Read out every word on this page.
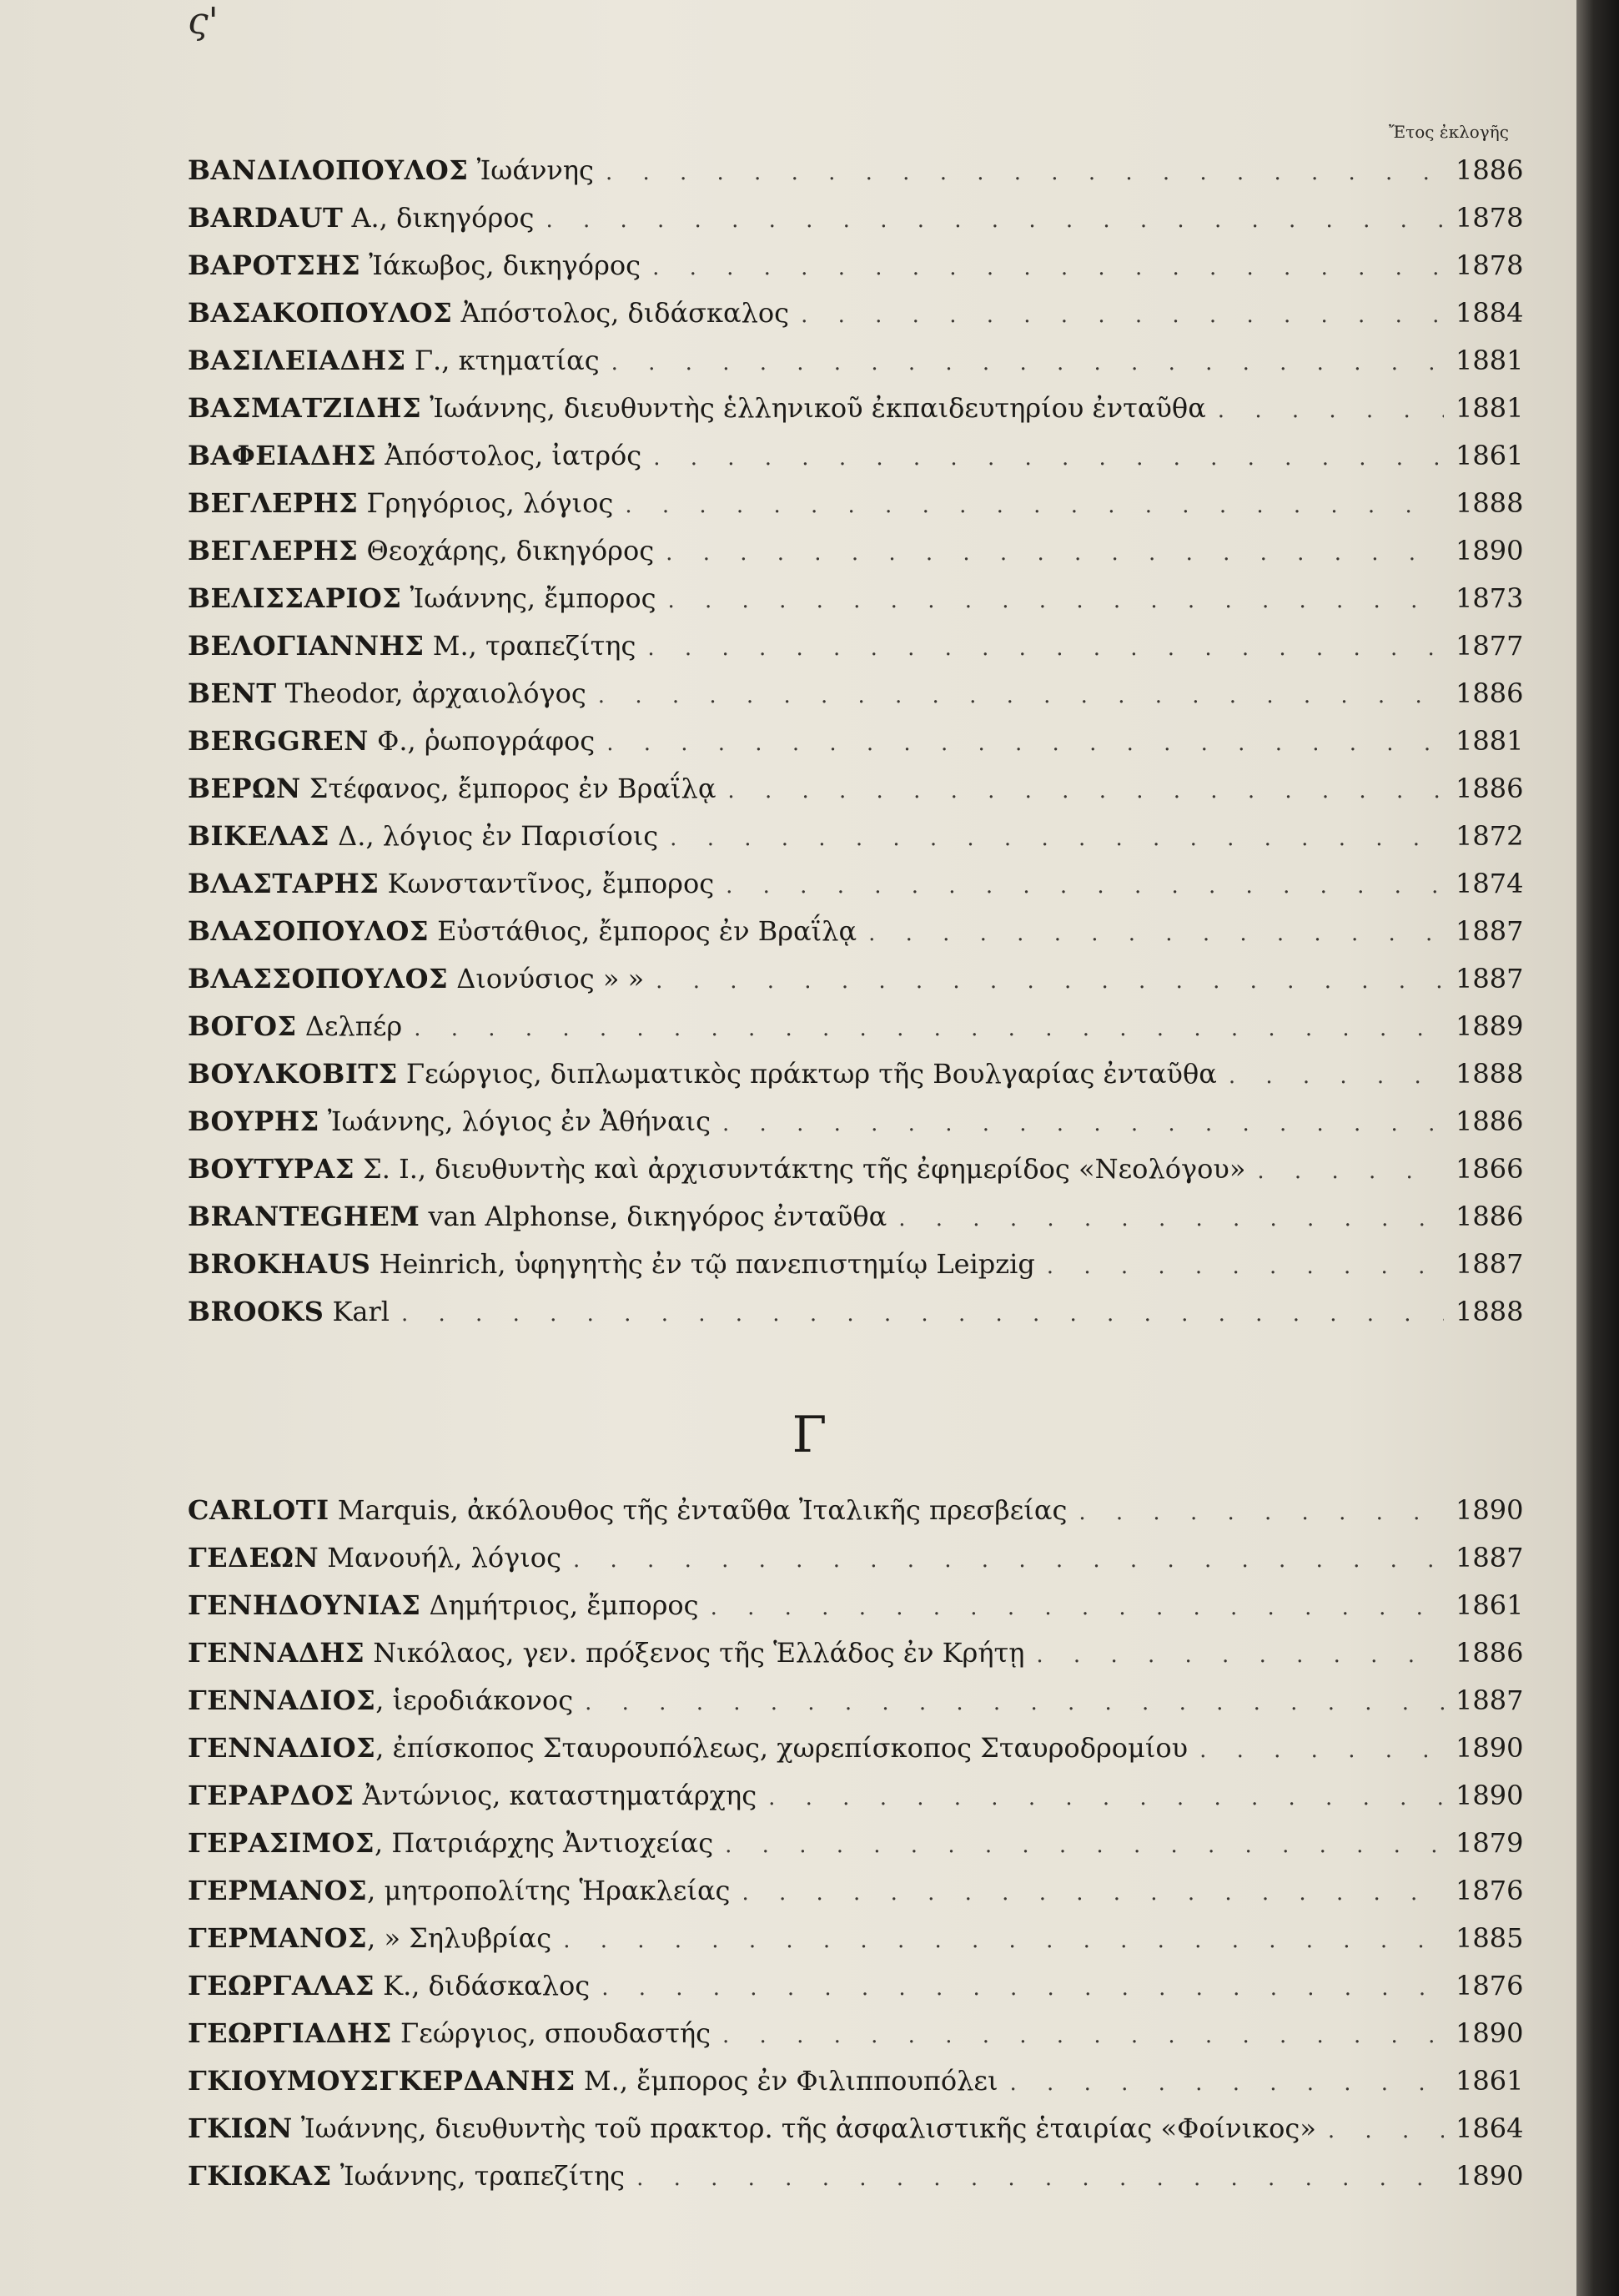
ς'
Ἔτος ἐκλογῆς
ΒΑΝΔΙΛΟΠΟΥΛΟΣ Ἰωάννης . . .	1886
BARDAUT A., δικηγόρος . . .	1878
ΒΑΡΟΤΣΗΣ Ἰάκωβος, δικηγόρος . . .	1878
ΒΑΣΑΚΟΠΟΥΛΟΣ Ἀπόστολος, διδάσκαλος . . .	1884
ΒΑΣΙΛΕΙΑΔΗΣ Γ., κτηματίας . . .	1881
ΒΑΣΜΑΤΖΙΔΗΣ Ἰωάννης, διευθυντὴς ἑλληνικοῦ ἐκπαιδευτηρίου ἐνταῦθα . . .	1881
ΒΑΦΕΙΑΔΗΣ Ἀπόστολος, ἰατρός . . .	1861
ΒΕΓΛΕΡΗΣ Γρηγόριος, λόγιος . . .	1888
ΒΕΓΛΕΡΗΣ Θεοχάρης, δικηγόρος . . .	1890
ΒΕΛΙΣΣΑΡΙΟΣ Ἰωάννης, ἔμπορος . . .	1873
ΒΕΛΟΓΙΑΝΝΗΣ Μ., τραπεζίτης . . .	1877
BENT Theodor, ἀρχαιολόγος . . .	1886
BERGGREN Φ., ῥωπογράφος . . .	1881
ΒΕΡΩΝ Στέφανος, ἔμπορος ἐν Βραΐλᾳ . . .	1886
ΒΙΚΕΛΑΣ Δ., λόγιος ἐν Παρισίοις . . .	1872
ΒΛΑΣΤΑΡΗΣ Κωνσταντῖνος, ἔμπορος . . .	1874
ΒΛΑΣΟΠΟΥΛΟΣ Εὐστάθιος, ἔμπορος ἐν Βραΐλᾳ . . .	1887
ΒΛΑΣΣΟΠΟΥΛΟΣ Διονύσιος » » . . .	1887
ΒΟΓΟΣ Δελπέρ . . .	1889
ΒΟΥΛΚΟΒΙΤΣ Γεώργιος, διπλωματικὸς πράκτωρ τῆς Βουλγαρίας ἐνταῦθα . . .	1888
ΒΟΥΡΗΣ Ἰωάννης, λόγιος ἐν Ἀθήναις . . .	1886
ΒΟΥΤΥΡΑΣ Σ. Ι., διευθυντὴς καὶ ἀρχισυντάκτης τῆς ἐφημερίδος «Νεολόγου» . . .	1866
BRANTEGHEM van Alphonse, δικηγόρος ἐνταῦθα . . .	1886
BROKHAUS Heinrich, ὑφηγητὴς ἐν τῷ πανεπιστημίῳ Leipzig . . .	1887
BROOKS Karl . . .	1888
Γ
CARLOTI Marquis, ἀκόλουθος τῆς ἐνταῦθα Ἰταλικῆς πρεσβείας . . .	1890
ΓΕΔΕΩΝ Μανουήλ, λόγιος . . .	1887
ΓΕΝΗΔΟΥΝΙΑΣ Δημήτριος, ἔμπορος . . .	1861
ΓΕΝΝΑΔΗΣ Νικόλαος, γεν. πρόξενος τῆς Ἑλλάδος ἐν Κρήτῃ . . .	1886
ΓΕΝΝΑΔΙΟΣ, ἱεροδιάκονος . . .	1887
ΓΕΝΝΑΔΙΟΣ, ἐπίσκοπος Σταυρουπόλεως, χωρεπίσκοπος Σταυροδρομίου . . .	1890
ΓΕΡΑΡΔΟΣ Ἀντώνιος, καταστηματάρχης . . .	1890
ΓΕΡΑΣΙΜΟΣ, Πατριάρχης Ἀντιοχείας . . .	1879
ΓΕΡΜΑΝΟΣ, μητροπολίτης Ἡρακλείας . . .	1876
ΓΕΡΜΑΝΟΣ, » Σηλυβρίας . . .	1885
ΓΕΩΡΓΑΛΑΣ Κ., διδάσκαλος . . .	1876
ΓΕΩΡΓΙΑΔΗΣ Γεώργιος, σπουδαστής . . .	1890
ΓΚΙΟΥΜΟΥΣΓΚΕΡΔΑΝΗΣ Μ., ἔμπορος ἐν Φιλιππουπόλει . . .	1861
ΓΚΙΩΝ Ἰωάννης, διευθυντὴς τοῦ πρακτορ. τῆς ἀσφαλιστικῆς ἑταιρίας «Φοίνικος» . . .	1864
ΓΚΙΩΚΑΣ Ἰωάννης, τραπεζίτης . . .	1890
